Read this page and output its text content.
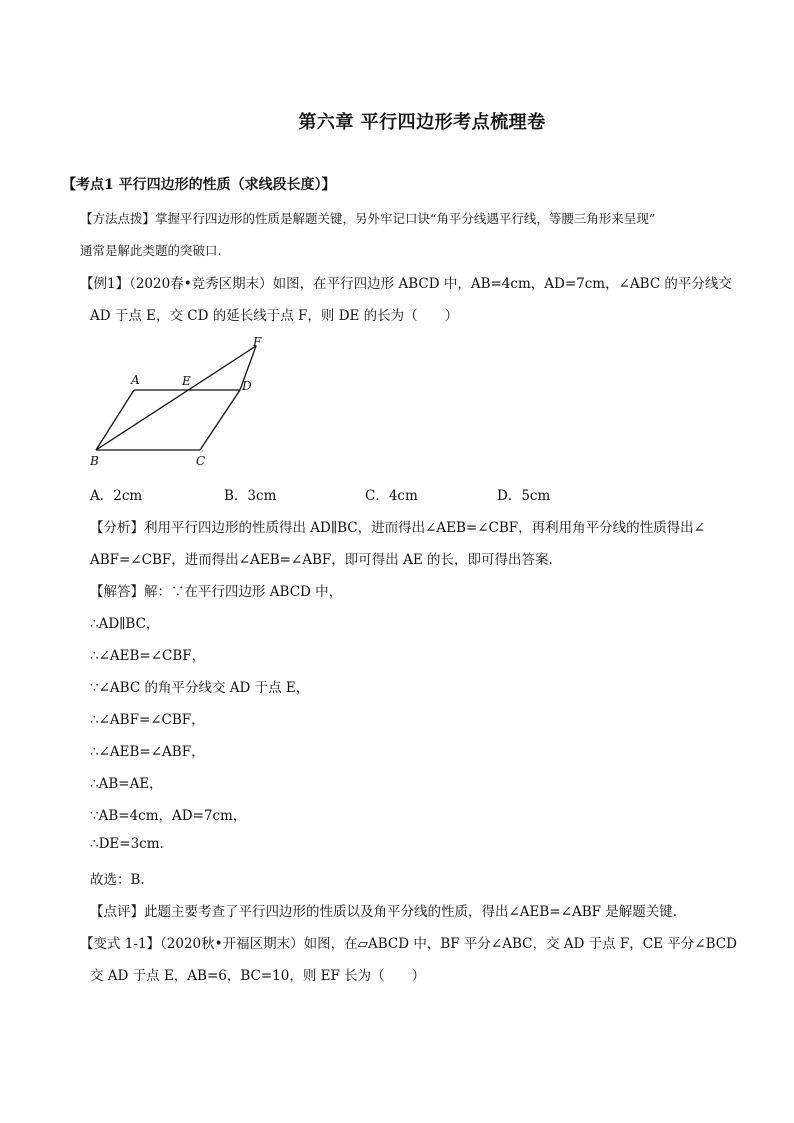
第六章 平行四边形考点梳理卷
【考点1 平行四边形的性质（求线段长度）】
【方法点拨】掌握平行四边形的性质是解题关键，另外牢记口诀“角平分线遇平行线，等腰三角形来呈现”
通常是解此类题的突破口.
【例1】（2020春•竞秀区期末）如图，在平行四边形 ABCD 中，AB=4cm，AD=7cm，∠ABC 的平分线交
AD 于点 E，交 CD 的延长线于点 F，则 DE 的长为（　　）
A	E	D
F
B	C
A．2cm	B．3cm	C．4cm	D．5cm
【分析】利用平行四边形的性质得出 AD∥BC，进而得出∠AEB=∠CBF，再利用角平分线的性质得出∠
ABF=∠CBF，进而得出∠AEB=∠ABF，即可得出 AE 的长，即可得出答案.
【解答】解：∵在平行四边形 ABCD 中，
∴AD∥BC，
∴∠AEB=∠CBF，
∵∠ABC 的角平分线交 AD 于点 E，
∴∠ABF=∠CBF，
∴∠AEB=∠ABF，
∴AB=AE，
∵AB=4cm，AD=7cm，
∴DE=3cm.
故选：B.
【点评】此题主要考查了平行四边形的性质以及角平分线的性质，得出∠AEB=∠ABF 是解题关键.
【变式 1-1】（2020秋•开福区期末）如图，在▱ABCD 中，BF 平分∠ABC，交 AD 于点 F，CE 平分∠BCD
交 AD 于点 E，AB=6，BC=10，则 EF 长为（　　）
